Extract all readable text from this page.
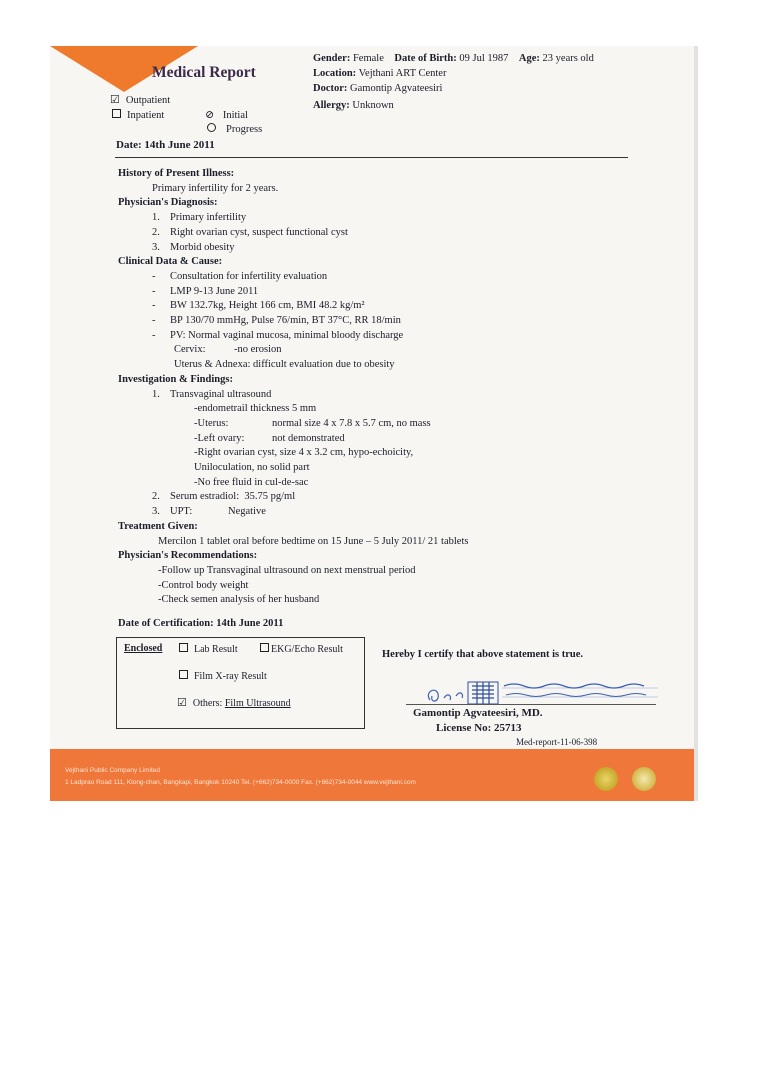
Medical Report
Gender: Female Date of Birth: 09 Jul 1987 Age: 23 years old
Location: Vejthani ART Center
Doctor: Gamontip Agvateesiri
Allergy: Unknown
☑ Outpatient
Inpatient	⊘ Initial
Progress
Date: 14th June 2011
History of Present Illness:
Primary infertility for 2 years.
Physician's Diagnosis:
1. Primary infertility
2. Right ovarian cyst, suspect functional cyst
3. Morbid obesity
Clinical Data & Cause:
- Consultation for infertility evaluation
- LMP 9-13 June 2011
- BW 132.7kg, Height 166 cm, BMI 48.2 kg/m²
- BP 130/70 mmHg, Pulse 76/min, BT 37°C, RR 18/min
- PV: Normal vaginal mucosa, minimal bloody discharge
Cervix:	-no erosion
Uterus & Adnexa: difficult evaluation due to obesity
Investigation & Findings:
1. Transvaginal ultrasound
-endometrail thickness 5 mm
-Uterus:	normal size 4 x 7.8 x 5.7 cm, no mass
-Left ovary:	not demonstrated
-Right ovarian cyst, size 4 x 3.2 cm, hypo-echoicity,
Uniloculation, no solid part
-No free fluid in cul-de-sac
2. Serum estradiol: 35.75 pg/ml
3. UPT:	Negative
Treatment Given:
Mercilon 1 tablet oral before bedtime on 15 June – 5 July 2011/ 21 tablets
Physician's Recommendations:
-Follow up Transvaginal ultrasound on next menstrual period
-Control body weight
-Check semen analysis of her husband
Date of Certification: 14th June 2011
Enclosed	Lab Result	EKG/Echo Result
Film X-ray Result
☑ Others: Film Ultrasound
Hereby I certify that above statement is true.
Gamontip Agvateesiri, MD.
License No: 25713
Med-report-11-06-398
Vejthani Public Company Limited
1 Ladprao Road 111, Klong-chan, Bangkapi, Bangkok 10240 Tel. (+662)734-0000 Fax. (+662)734-0044 www.vejthani.com
